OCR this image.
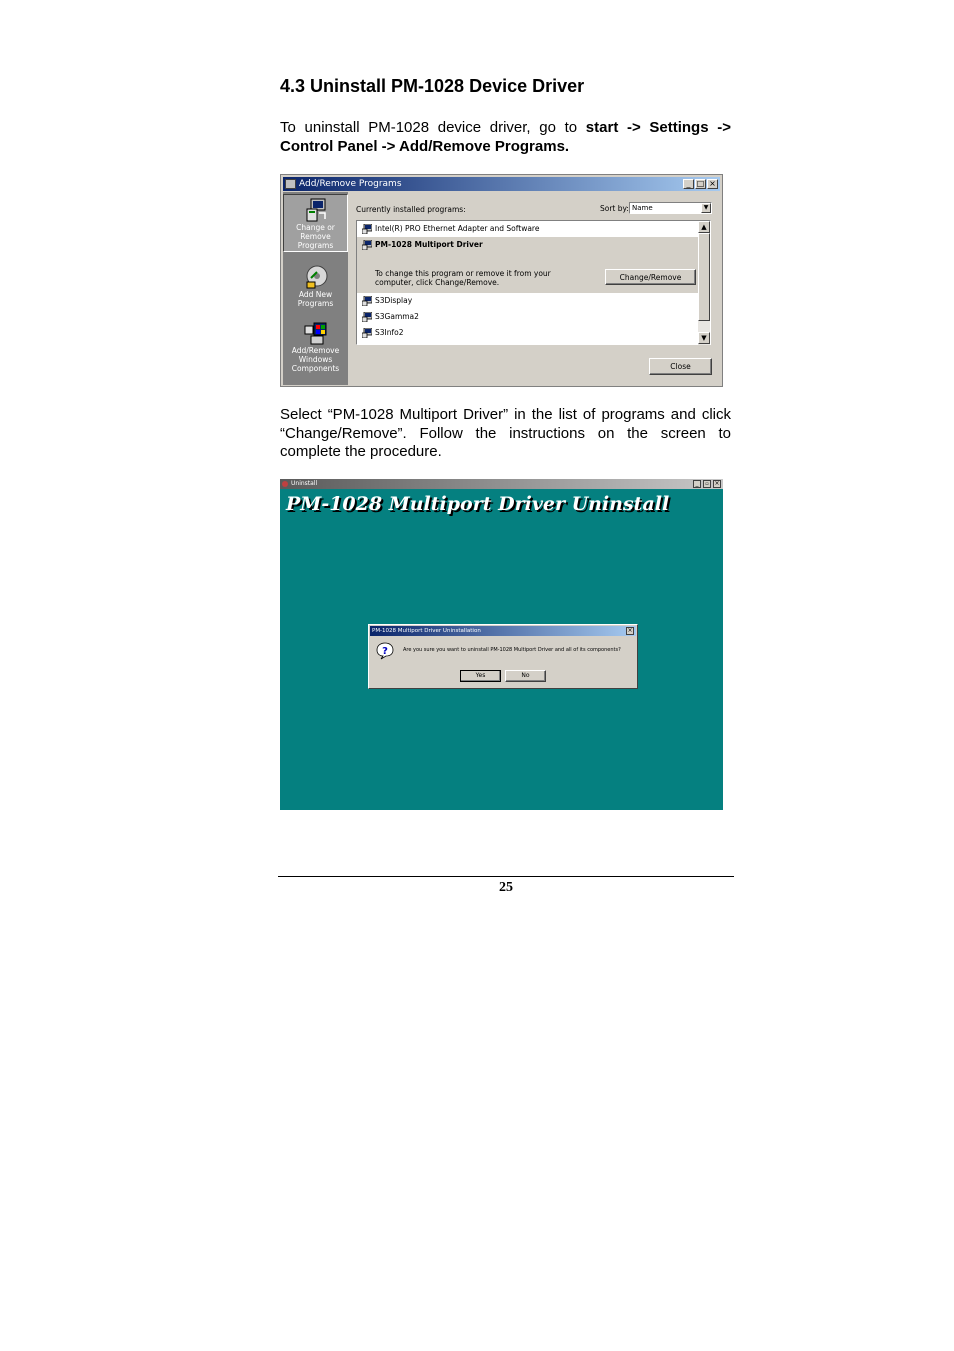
4.3 Uninstall PM-1028 Device Driver

To uninstall PM-1028 device driver, go to start -> Settings -> Control Panel -> Add/Remove Programs.

Add/Remove Programs	_ □ ×
Change or Remove Programs
Add New Programs
Add/Remove Windows Components
Currently installed programs:	Sort by: Name	▼
Intel(R) PRO Ethernet Adapter and Software
PM-1028 Multiport Driver
To change this program or remove it from your
computer, click Change/Remove.
Change/Remove
S3Display
S3Gamma2
S3Info2
▲
▼
Close

Select “PM-1028 Multiport Driver” in the list of programs and click “Change/Remove”. Follow the instructions on the screen to complete the procedure.

Uninstall	_	▫ ×
PM-1028 Multiport Driver Uninstall
PM-1028 Multiport Driver Uninstallation	×
?	Are you sure you want to uninstall PM-1028 Multiport Driver and all of its components?
Yes	No
25
